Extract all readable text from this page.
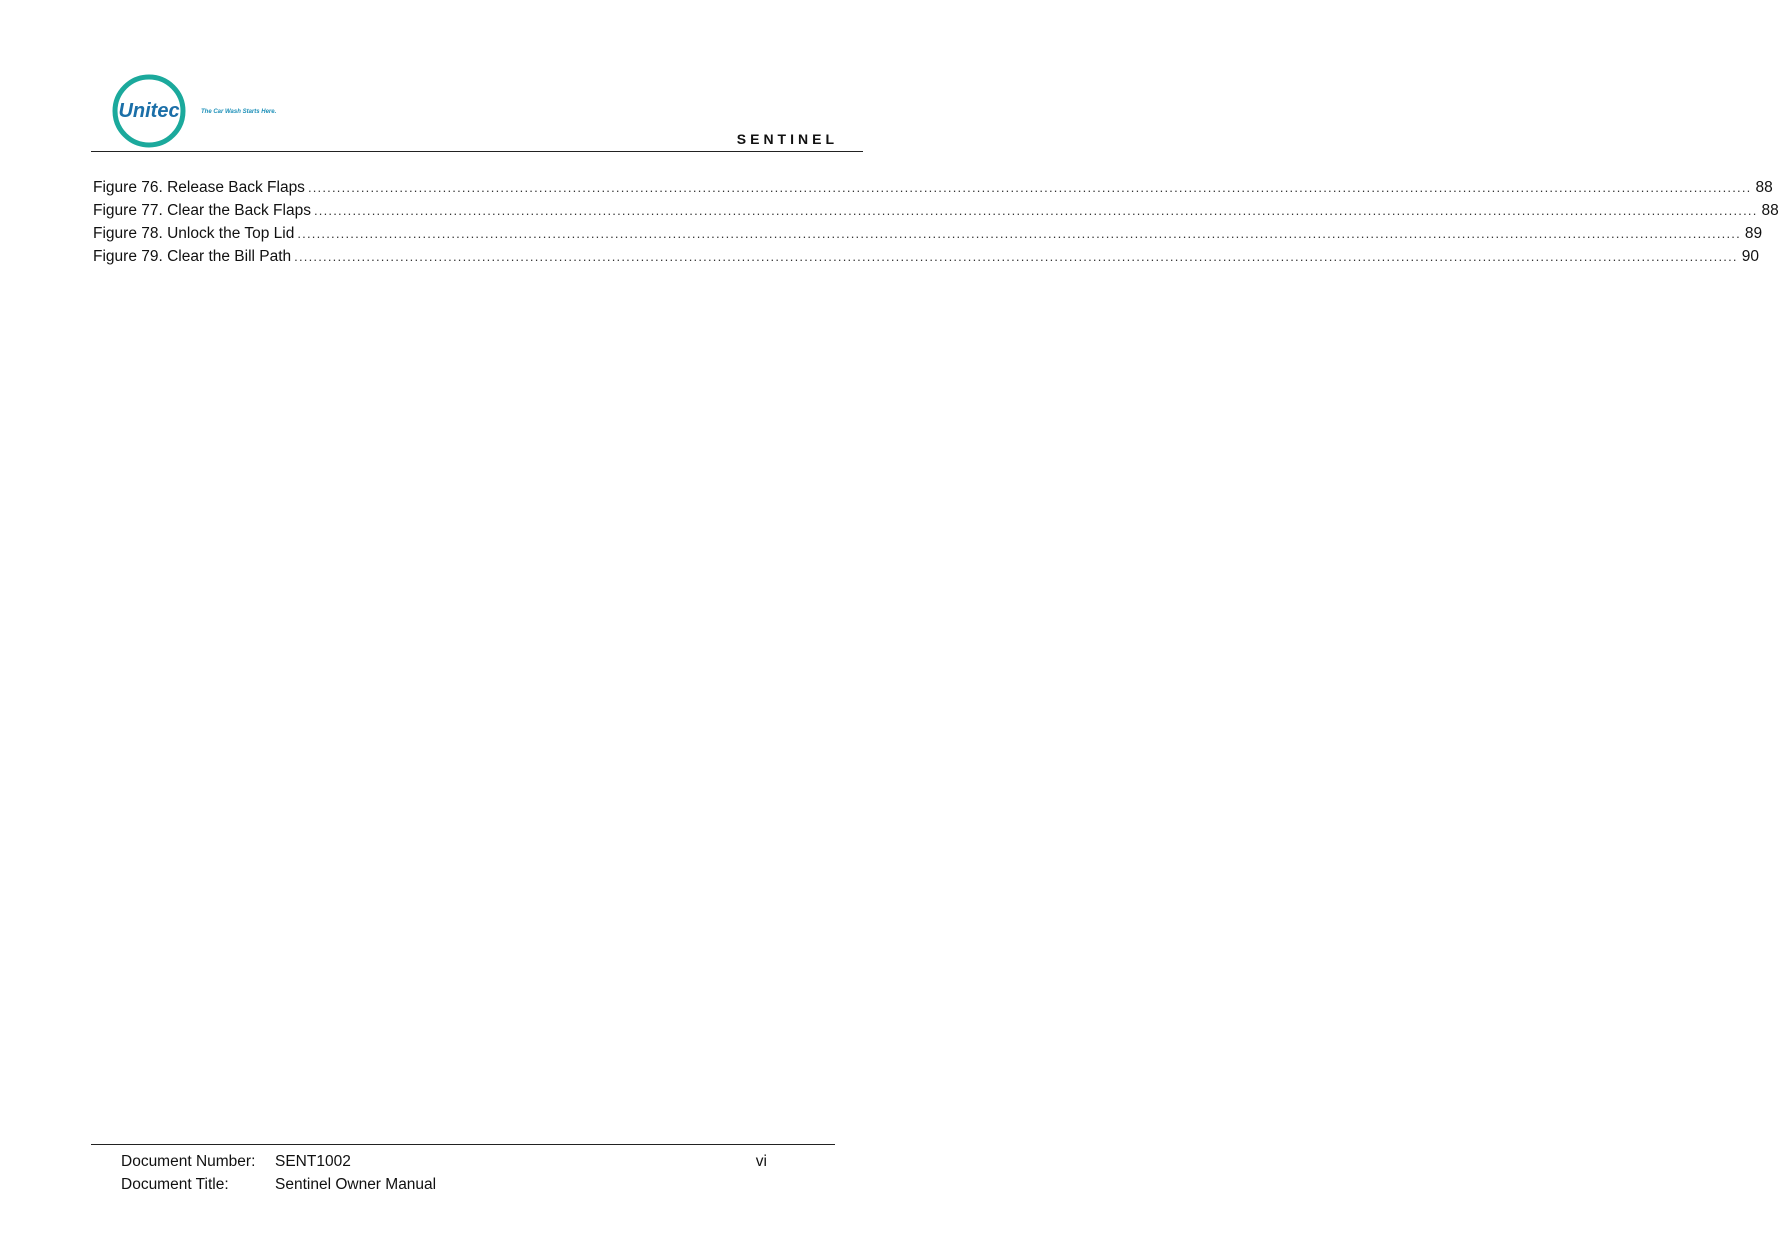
Unitec	The Car Wash Starts Here.
SENTINEL
Figure 76. Release Back Flaps ............................................................................................................................................................................................................................................................................................................ 88
Figure 77. Clear the Back Flaps ............................................................................................................................................................................................................................................................................................................ 88
Figure 78. Unlock the Top Lid ............................................................................................................................................................................................................................................................................................................ 89
Figure 79. Clear the Bill Path ............................................................................................................................................................................................................................................................................................................ 90
Document Number:	SENT1002	vi
Document Title:	Sentinel Owner Manual
